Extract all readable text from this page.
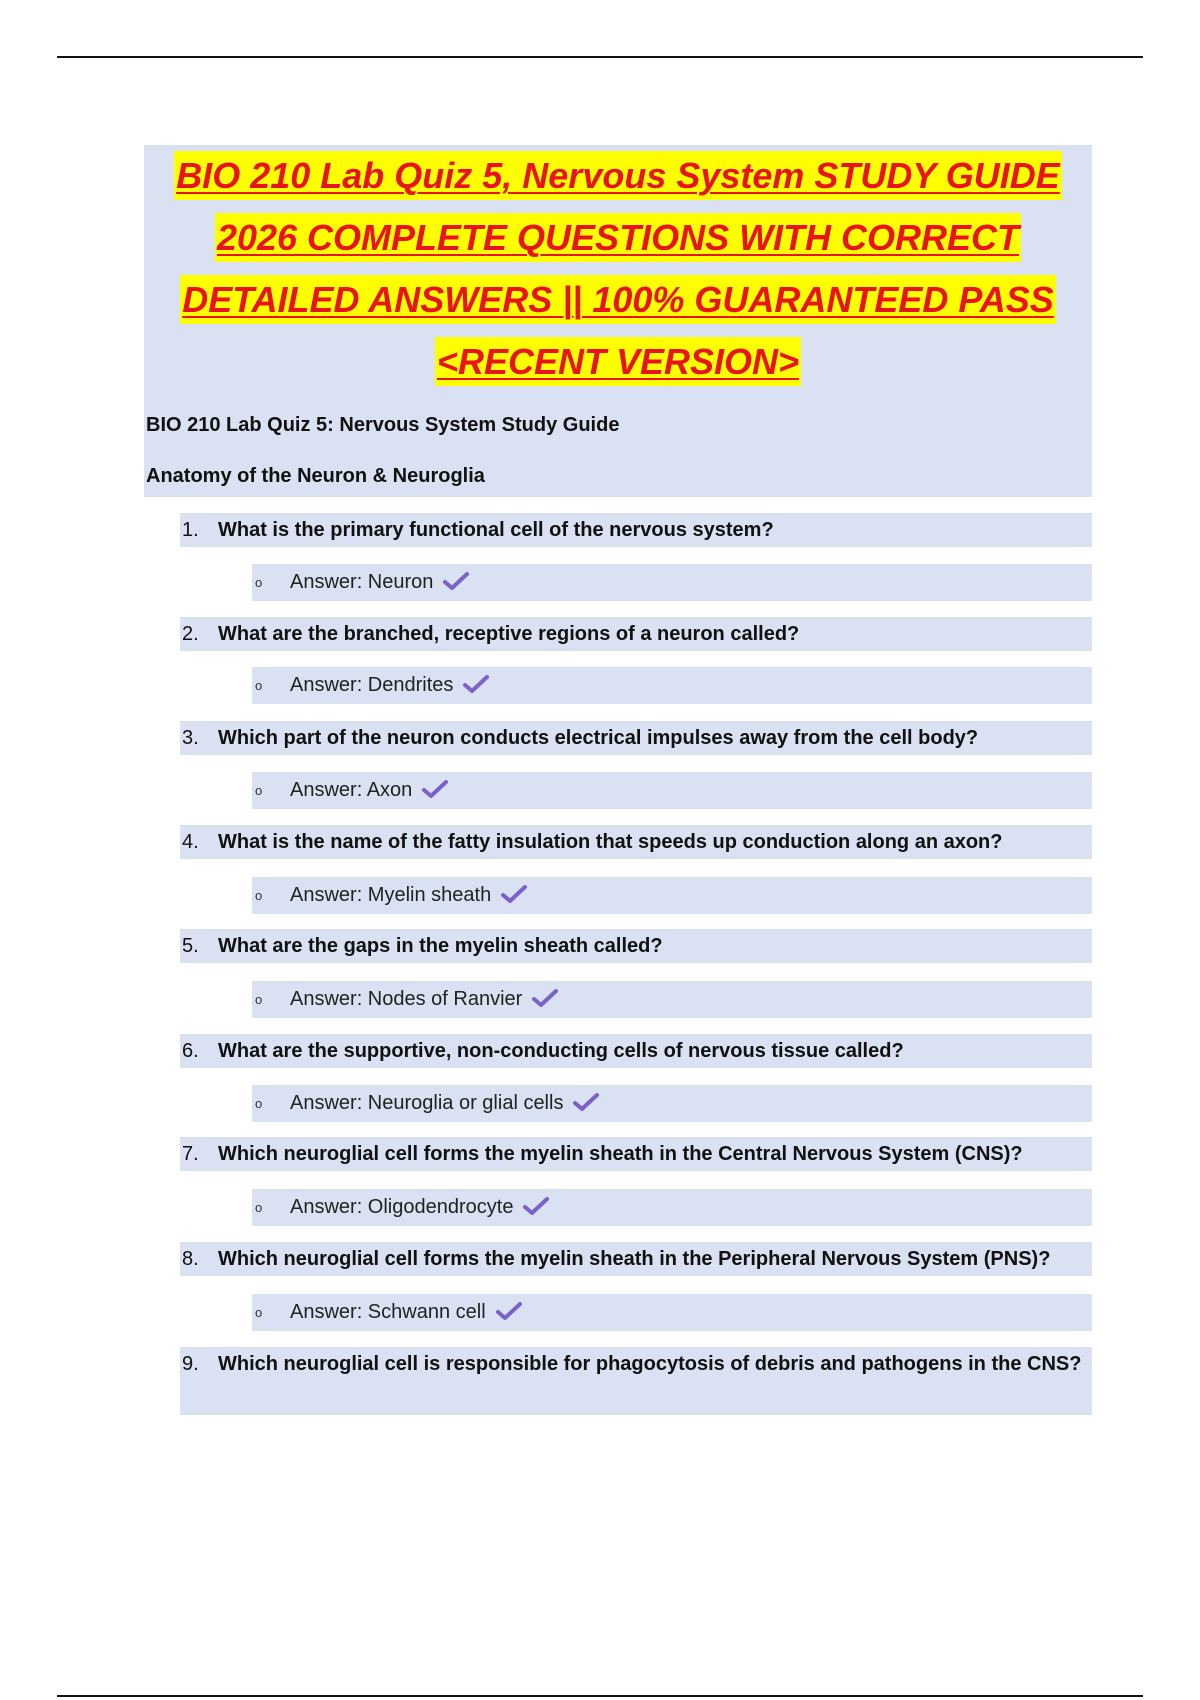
BIO 210 Lab Quiz 5, Nervous System STUDY GUIDE
2026 COMPLETE QUESTIONS WITH CORRECT
DETAILED ANSWERS || 100% GUARANTEED PASS
<RECENT VERSION>

BIO 210 Lab Quiz 5: Nervous System Study Guide

Anatomy of the Neuron & Neuroglia

1. What is the primary functional cell of the nervous system?
o Answer: Neuron
2. What are the branched, receptive regions of a neuron called?
o Answer: Dendrites
3. Which part of the neuron conducts electrical impulses away from the cell body?
o Answer: Axon
4. What is the name of the fatty insulation that speeds up conduction along an axon?
o Answer: Myelin sheath
5. What are the gaps in the myelin sheath called?
o Answer: Nodes of Ranvier
6. What are the supportive, non-conducting cells of nervous tissue called?
o Answer: Neuroglia or glial cells
7. Which neuroglial cell forms the myelin sheath in the Central Nervous System (CNS)?
o Answer: Oligodendrocyte
8. Which neuroglial cell forms the myelin sheath in the Peripheral Nervous System (PNS)?
o Answer: Schwann cell
9. Which neuroglial cell is responsible for phagocytosis of debris and pathogens in the CNS?
